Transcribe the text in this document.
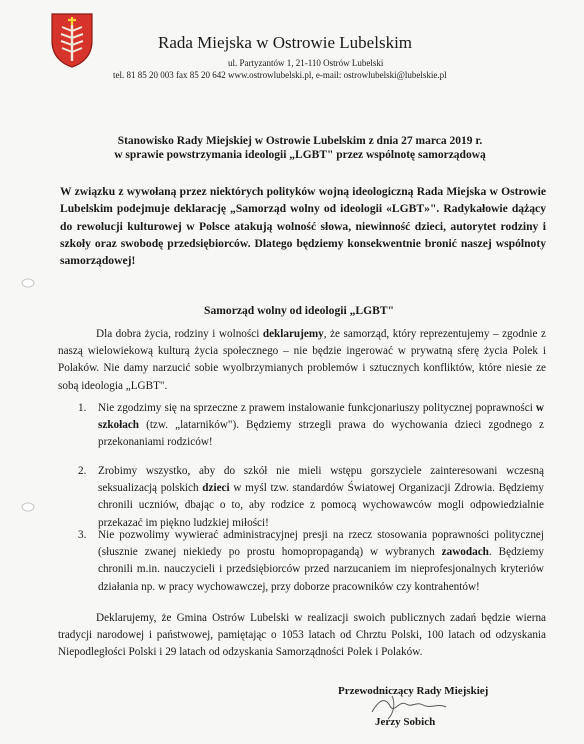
Rada Miejska w Ostrowie Lubelskim
ul. Partyzantów 1, 21-110 Ostrów Lubelski
tel. 81 85 20 003 fax 85 20 642 www.ostrowlubelski.pl, e-mail: ostrowlubelski@lubelskie.pl
Stanowisko Rady Miejskiej w Ostrowie Lubelskim z dnia 27 marca 2019 r.
w sprawie powstrzymania ideologii „LGBT" przez wspólnotę samorządową
W związku z wywołaną przez niektórych polityków wojną ideologiczną Rada Miejska w Ostrowie Lubelskim podejmuje deklarację „Samorząd wolny od ideologii «LGBT»". Radykałowie dążący do rewolucji kulturowej w Polsce atakują wolność słowa, niewinność dzieci, autorytet rodziny i szkoły oraz swobodę przedsiębiorców. Dlatego będziemy konsekwentnie bronić naszej wspólnoty samorządowej!
Samorząd wolny od ideologii „LGBT"
Dla dobra życia, rodziny i wolności deklarujemy, że samorząd, który reprezentujemy – zgodnie z naszą wielowiekową kulturą życia społecznego – nie będzie ingerować w prywatną sferę życia Polek i Polaków. Nie damy narzucić sobie wyolbrzymianych problemów i sztucznych konfliktów, które niesie ze sobą ideologia „LGBT".
1. Nie zgodzimy się na sprzeczne z prawem instalowanie funkcjonariuszy politycznej poprawności w szkołach (tzw. „latarników"). Będziemy strzegli prawa do wychowania dzieci zgodnego z przekonaniami rodziców!
2. Zrobimy wszystko, aby do szkół nie mieli wstępu gorszyciele zainteresowani wczesną seksualizacją polskich dzieci w myśl tzw. standardów Światowej Organizacji Zdrowia. Będziemy chronili uczniów, dbając o to, aby rodzice z pomocą wychowawców mogli odpowiedzialnie przekazać im piękno ludzkiej miłości!
3. Nie pozwolimy wywierać administracyjnej presji na rzecz stosowania poprawności politycznej (słusznie zwanej niekiedy po prostu homopropagandą) w wybranych zawodach. Będziemy chronili m.in. nauczycieli i przedsiębiorców przed narzucaniem im nieprofesjonalnych kryteriów działania np. w pracy wychowawczej, przy doborze pracowników czy kontrahentów!
Deklarujemy, że Gmina Ostrów Lubelski w realizacji swoich publicznych zadań będzie wierna tradycji narodowej i państwowej, pamiętając o 1053 latach od Chrztu Polski, 100 latach od odzyskania Niepodległości Polski i 29 latach od odzyskania Samorządności Polek i Polaków.
Przewodniczący Rady Miejskiej
Jerzy Sobich
